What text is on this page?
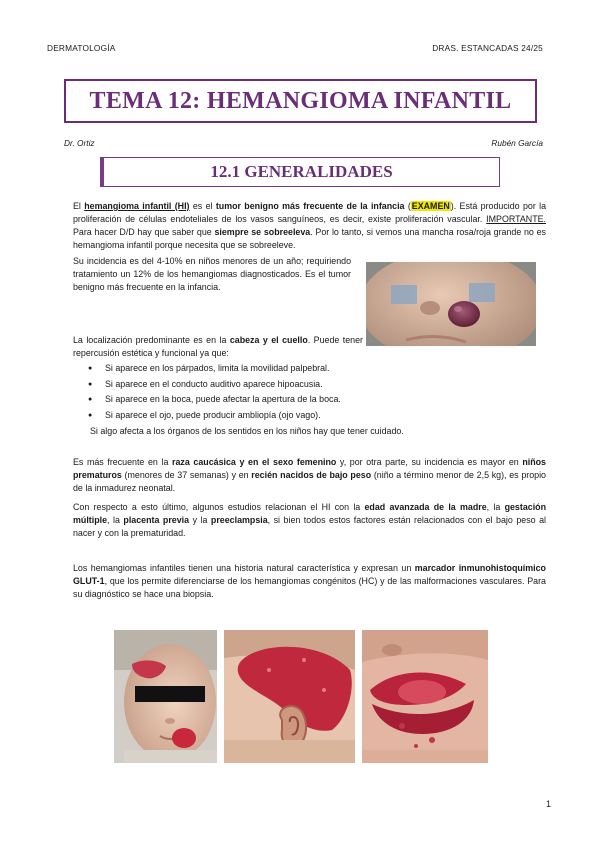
DERMATOLOGÍA	DRAS. ESTANCADAS 24/25
TEMA 12: HEMANGIOMA INFANTIL
Dr. Ortiz	Rubén García
12.1 GENERALIDADES

El hemangioma infantil (HI) es el tumor benigno más frecuente de la infancia (EXAMEN). Está producido por la proliferación de células endoteliales de los vasos sanguíneos, es decir, existe proliferación vascular. IMPORTANTE. Para hacer D/D hay que saber que siempre se sobreeleva. Por lo tanto, si vemos una mancha rosa/roja grande no es hemangioma infantil porque necesita que se sobreeleve.

Su incidencia es del 4-10% en niños menores de un año; requiriendo tratamiento un 12% de los hemangiomas diagnosticados. Es el tumor benigno más frecuente en la infancia.

La localización predominante es en la cabeza y el cuello. Puede tener repercusión estética y funcional ya que:

● Si aparece en los párpados, limita la movilidad palpebral.
● Si aparece en el conducto auditivo aparece hipoacusia.
● Si aparece en la boca, puede afectar la apertura de la boca.
● Si aparece el ojo, puede producir ambliopía (ojo vago).

Si algo afecta a los órganos de los sentidos en los niños hay que tener cuidado.

Es más frecuente en la raza caucásica y en el sexo femenino y, por otra parte, su incidencia es mayor en niños prematuros (menores de 37 semanas) y en recién nacidos de bajo peso (niño a término menor de 2,5 kg), es propio de la inmadurez neonatal.

Con respecto a esto último, algunos estudios relacionan el HI con la edad avanzada de la madre, la gestación múltiple, la placenta previa y la preeclampsia, si bien todos estos factores están relacionados con el bajo peso al nacer y con la prematuridad.

Los hemangiomas infantiles tienen una historia natural característica y expresan un marcador inmunohistoquímico GLUT-1, que los permite diferenciarse de los hemangiomas congénitos (HC) y de las malformaciones vasculares. Para su diagnóstico se hace una biopsia.

1
